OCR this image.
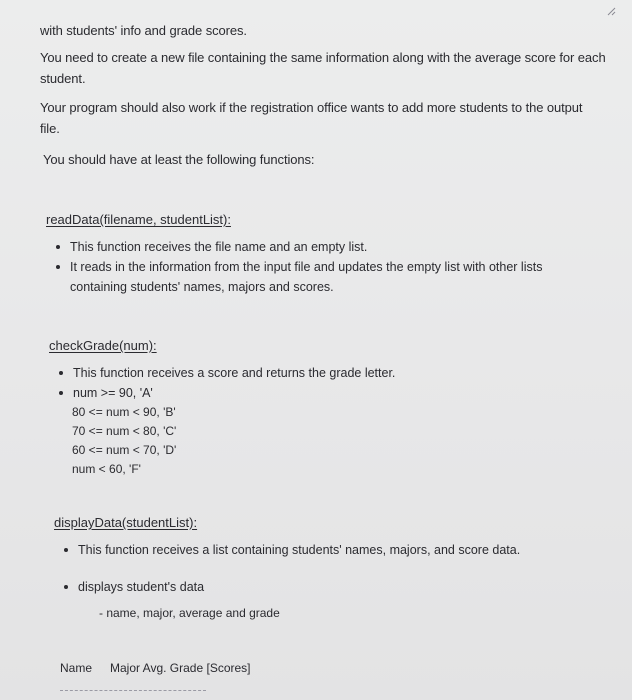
with students' info and grade scores.
You need to create a new file containing the same information along with the average score for each student.
Your program should also work if the registration office wants to add more students to the output file.
You should have at least the following functions:
readData(filename, studentList):
This function receives the file name and an empty list.
It reads in the information from the input file and updates the empty list with other lists containing students' names, majors and scores.
checkGrade(num):
This function receives a score and returns the grade letter.
num >= 90, 'A'
80 <= num < 90, 'B'
70 <= num < 80, 'C'
60 <= num < 70, 'D'
num < 60, 'F'
displayData(studentList):
This function receives a list containing students' names, majors, and score data.
displays student's data
- name, major, average and grade
Name Major Avg. Grade [Scores]
